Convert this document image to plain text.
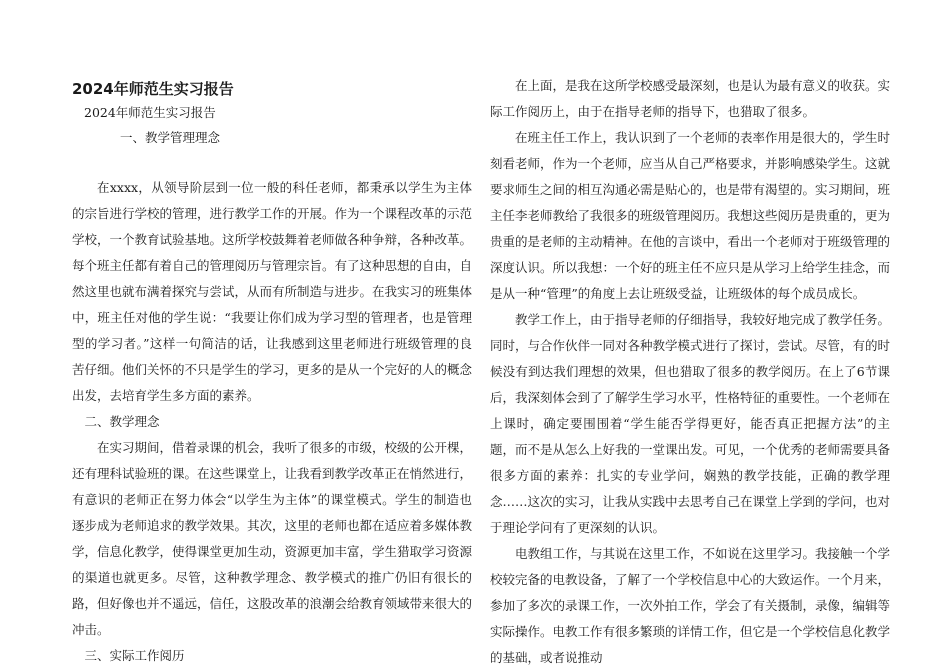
2024年师范生实习报告

2024年师范生实习报告

一、教学管理理念

在xxxx，从领导阶层到一位一般的科任老师，都秉承以学生为主体的宗旨进行学校的管理，进行教学工作的开展。作为一个课程改革的示范学校，一个教育试验基地。这所学校鼓舞着老师做各种争辩，各种改革。每个班主任都有着自己的管理阅历与管理宗旨。有了这种思想的自由，自然这里也就布满着探究与尝试，从而有所制造与进步。在我实习的班集体中，班主任对他的学生说：“我要让你们成为学习型的管理者，也是管理型的学习者。”这样一句简洁的话，让我感到这里老师进行班级管理的良苦仔细。他们关怀的不只是学生的学习，更多的是从一个完好的人的概念出发，去培育学生多方面的素养。

二、教学理念

在实习期间，借着录课的机会，我听了很多的市级，校级的公开棵，还有理科试验班的课。在这些课堂上，让我看到教学改革正在悄然进行，有意识的老师正在努力体会“以学生为主体”的课堂模式。学生的制造也逐步成为老师追求的教学效果。其次，这里的老师也都在适应着多媒体教学，信息化教学，使得课堂更加生动，资源更加丰富，学生猎取学习资源的渠道也就更多。尽管，这种教学理念、教学模式的推广仍旧有很长的路，但好像也并不遥远，信任，这股改革的浪潮会给教育领域带来很大的冲击。

三、实际工作阅历

在上面，是我在这所学校感受最深刻，也是认为最有意义的收获。实际工作阅历上，由于在指导老师的指导下，也猎取了很多。

在班主任工作上，我认识到了一个老师的表率作用是很大的，学生时刻看老师，作为一个老师，应当从自己严格要求，并影响感染学生。这就要求师生之间的相互沟通必需是贴心的，也是带有渴望的。实习期间，班主任李老师教给了我很多的班级管理阅历。我想这些阅历是贵重的，更为贵重的是老师的主动精神。在他的言谈中，看出一个老师对于班级管理的深度认识。所以我想：一个好的班主任不应只是从学习上给学生挂念，而是从一种“管理”的角度上去让班级受益，让班级体的每个成员成长。

教学工作上，由于指导老师的仔细指导，我较好地完成了教学任务。同时，与合作伙伴一同对各种教学模式进行了探讨，尝试。尽管，有的时候没有到达我们理想的效果，但也猎取了很多的教学阅历。在上了6节课后，我深刻体会到了了解学生学习水平，性格特征的重要性。一个老师在上课时，确定要围围着“学生能否学得更好，能否真正把握方法”的主题，而不是从怎么上好我的一堂课出发。可见，一个优秀的老师需要具备很多方面的素养：扎实的专业学问，娴熟的教学技能，正确的教学理念……这次的实习，让我从实践中去思考自己在课堂上学到的学问，也对于理论学问有了更深刻的认识。

电教组工作，与其说在这里工作，不如说在这里学习。我接触一个学校较完备的电教设备，了解了一个学校信息中心的大致运作。一个月来，参加了多次的录课工作，一次外拍工作，学会了有关摄制，录像，编辑等实际操作。电教工作有很多繁琐的详情工作，但它是一个学校信息化教学的基础，或者说推动
